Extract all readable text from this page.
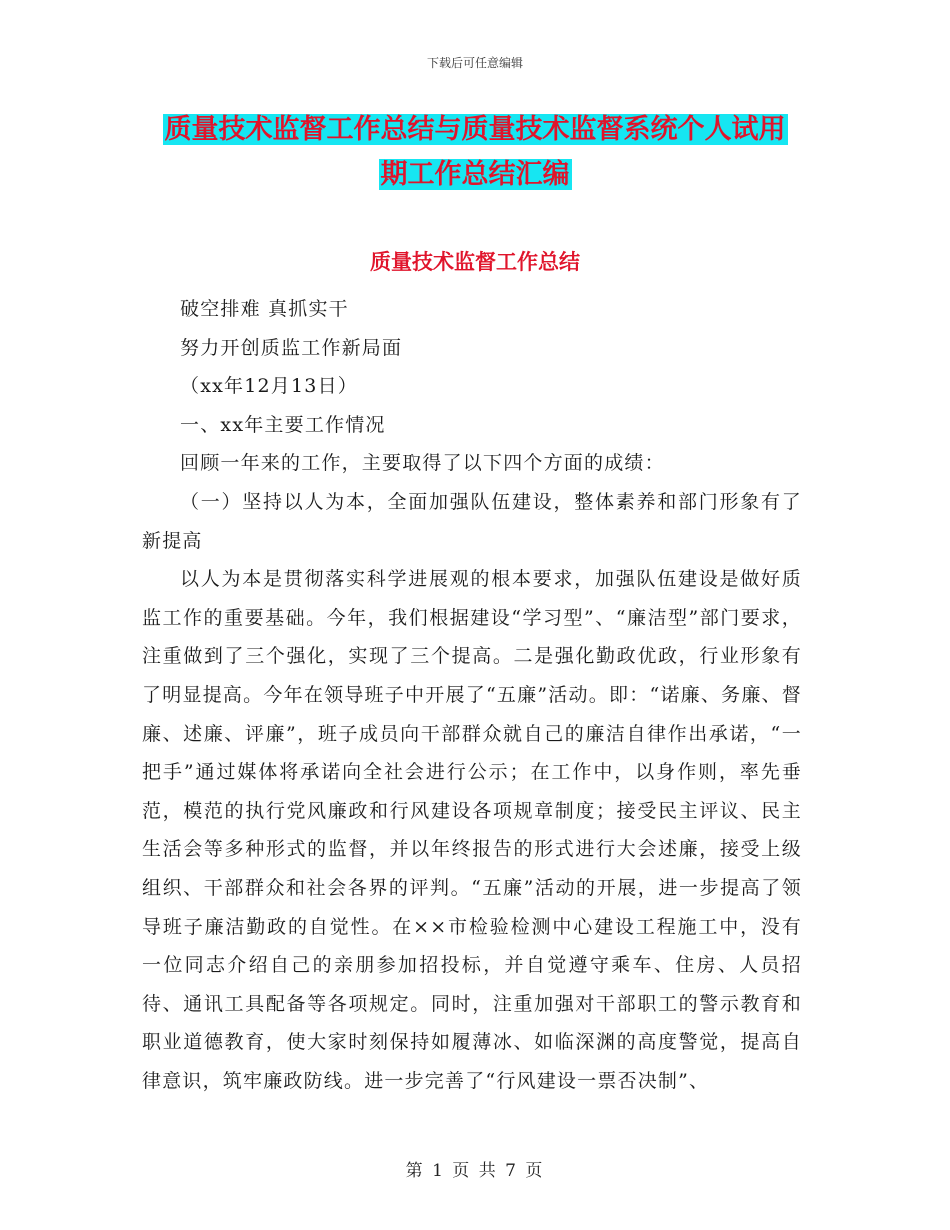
下载后可任意编辑
质量技术监督工作总结与质量技术监督系统个人试用
期工作总结汇编
质量技术监督工作总结

破空排难 真抓实干

努力开创质监工作新局面

（xx年12月13日）

一、xx年主要工作情况

回顾一年来的工作，主要取得了以下四个方面的成绩：

（一）坚持以人为本，全面加强队伍建设，整体素养和部门形象有了新提高

以人为本是贯彻落实科学进展观的根本要求，加强队伍建设是做好质监工作的重要基础。今年，我们根据建设“学习型”、“廉洁型”部门要求，注重做到了三个强化，实现了三个提高。二是强化勤政优政，行业形象有了明显提高。今年在领导班子中开展了“五廉”活动。即：“诺廉、务廉、督廉、述廉、评廉”，班子成员向干部群众就自己的廉洁自律作出承诺，“一把手”通过媒体将承诺向全社会进行公示；在工作中，以身作则，率先垂范，模范的执行党风廉政和行风建设各项规章制度；接受民主评议、民主生活会等多种形式的监督，并以年终报告的形式进行大会述廉，接受上级组织、干部群众和社会各界的评判。“五廉”活动的开展，进一步提高了领导班子廉洁勤政的自觉性。在××市检验检测中心建设工程施工中，没有一位同志介绍自己的亲朋参加招投标，并自觉遵守乘车、住房、人员招待、通讯工具配备等各项规定。同时，注重加强对干部职工的警示教育和职业道德教育，使大家时刻保持如履薄冰、如临深渊的高度警觉，提高自律意识，筑牢廉政防线。进一步完善了“行风建设一票否决制”、

第 1 页 共 7 页
